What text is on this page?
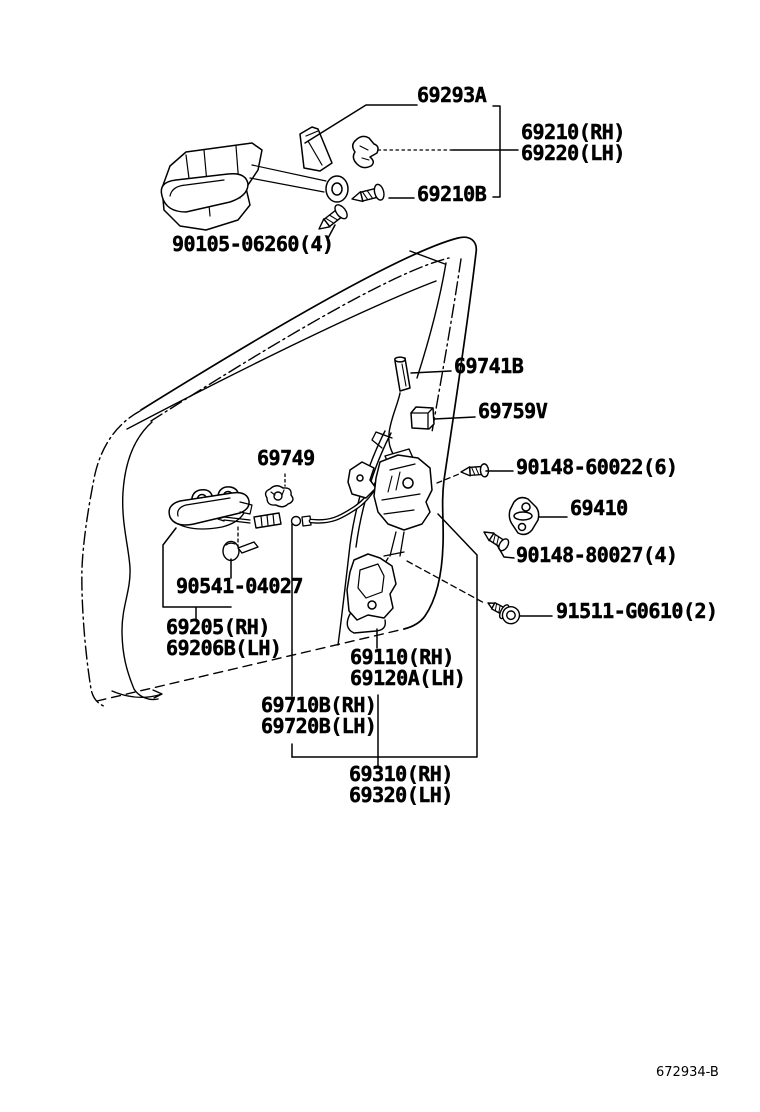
69293A
69210(RH)
69220(LH)
69210B
90105-06260(4)
69741B
69759V
69749	90148-60022(6)
69410
90148-80027(4)
91511-G0610(2)
90541-04027
69205(RH)
69206B(LH)	69110(RH)
69120A(LH)
69710B(RH)
69720B(LH)
69310(RH)
69320(LH)
672934-B
